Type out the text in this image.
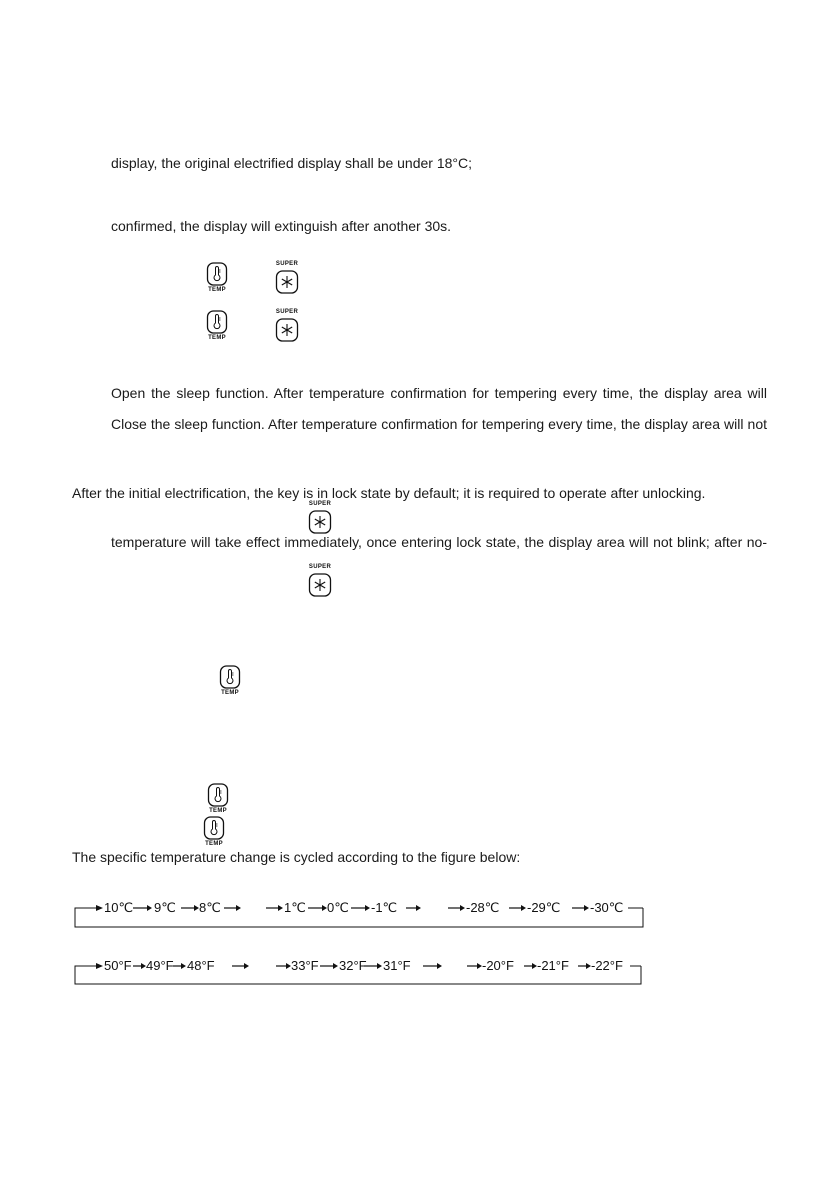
display, the original electrified display shall be under 18°C;
confirmed, the display will extinguish after another 30s.
Open the sleep function. After temperature confirmation for tempering every time, the display area will
Close the sleep function. After temperature confirmation for tempering every time, the display area will not
After the initial electrification, the key is in lock state by default; it is required to operate after unlocking.
temperature will take effect immediately, once entering lock state, the display area will not blink; after no-
The specific temperature change is cycled according to the figure below:
TEMP
TEMP
TEMP
TEMP
TEMP
SUPER
SUPER
SUPER
SUPER
10℃ 9℃ 8℃	1℃ 0℃ -1℃	-28℃ -29℃ -30℃
50°F 49°F 48°F	33°F 32°F 31°F	-20°F -21°F -22°F
